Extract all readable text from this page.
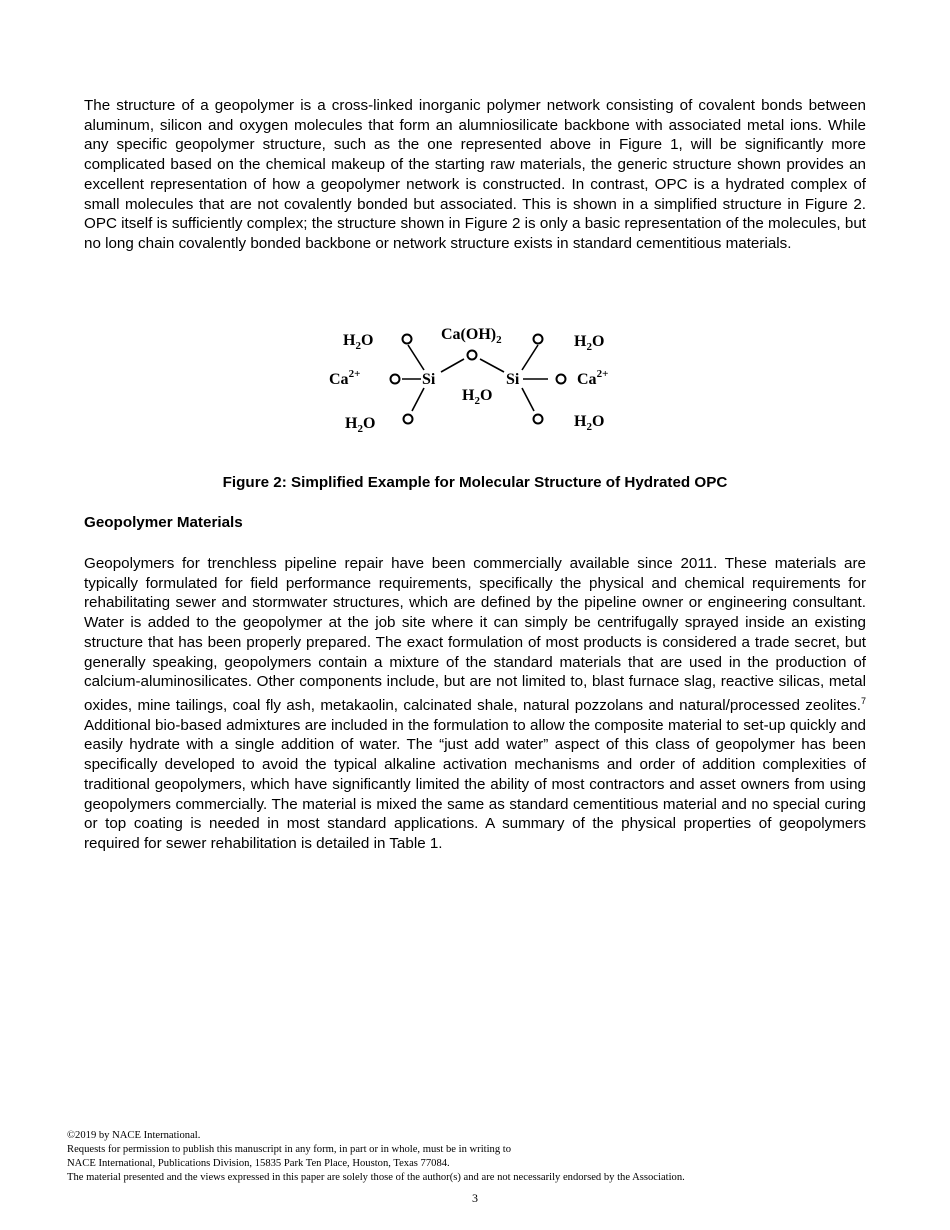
The structure of a geopolymer is a cross-linked inorganic polymer network consisting of covalent bonds between aluminum, silicon and oxygen molecules that form an alumniosilicate backbone with associated metal ions. While any specific geopolymer structure, such as the one represented above in Figure 1, will be significantly more complicated based on the chemical makeup of the starting raw materials, the generic structure shown provides an excellent representation of how a geopolymer network is constructed. In contrast, OPC is a hydrated complex of small molecules that are not covalently bonded but associated. This is shown in a simplified structure in Figure 2. OPC itself is sufficiently complex; the structure shown in Figure 2 is only a basic representation of the molecules, but no long chain covalently bonded backbone or network structure exists in standard cementitious materials.

$H_2O$	$H_2O$
$H_2O$	$H_2O$
$H_2O$
$Ca(OH)_2$
$Ca^{2+}$	$Ca^{2+}$
Si	Si
Figure 2: Simplified Example for Molecular Structure of Hydrated OPC
Geopolymer Materials

Geopolymers for trenchless pipeline repair have been commercially available since 2011. These materials are typically formulated for field performance requirements, specifically the physical and chemical requirements for rehabilitating sewer and stormwater structures, which are defined by the pipeline owner or engineering consultant. Water is added to the geopolymer at the job site where it can simply be centrifugally sprayed inside an existing structure that has been properly prepared. The exact formulation of most products is considered a trade secret, but generally speaking, geopolymers contain a mixture of the standard materials that are used in the production of calcium-aluminosilicates. Other components include, but are not limited to, blast furnace slag, reactive silicas, metal oxides, mine tailings, coal fly ash, metakaolin, calcinated shale, natural pozzolans and natural/processed zeolites.$^7$ Additional bio-based admixtures are included in the formulation to allow the composite material to set-up quickly and easily hydrate with a single addition of water. The “just add water” aspect of this class of geopolymer has been specifically developed to avoid the typical alkaline activation mechanisms and order of addition complexities of traditional geopolymers, which have significantly limited the ability of most contractors and asset owners from using geopolymers commercially. The material is mixed the same as standard cementitious material and no special curing or top coating is needed in most standard applications. A summary of the physical properties of geopolymers required for sewer rehabilitation is detailed in Table 1.

©2019 by NACE International.
Requests for permission to publish this manuscript in any form, in part or in whole, must be in writing to
NACE International, Publications Division, 15835 Park Ten Place, Houston, Texas 77084.
The material presented and the views expressed in this paper are solely those of the author(s) and are not necessarily endorsed by the Association.
3
